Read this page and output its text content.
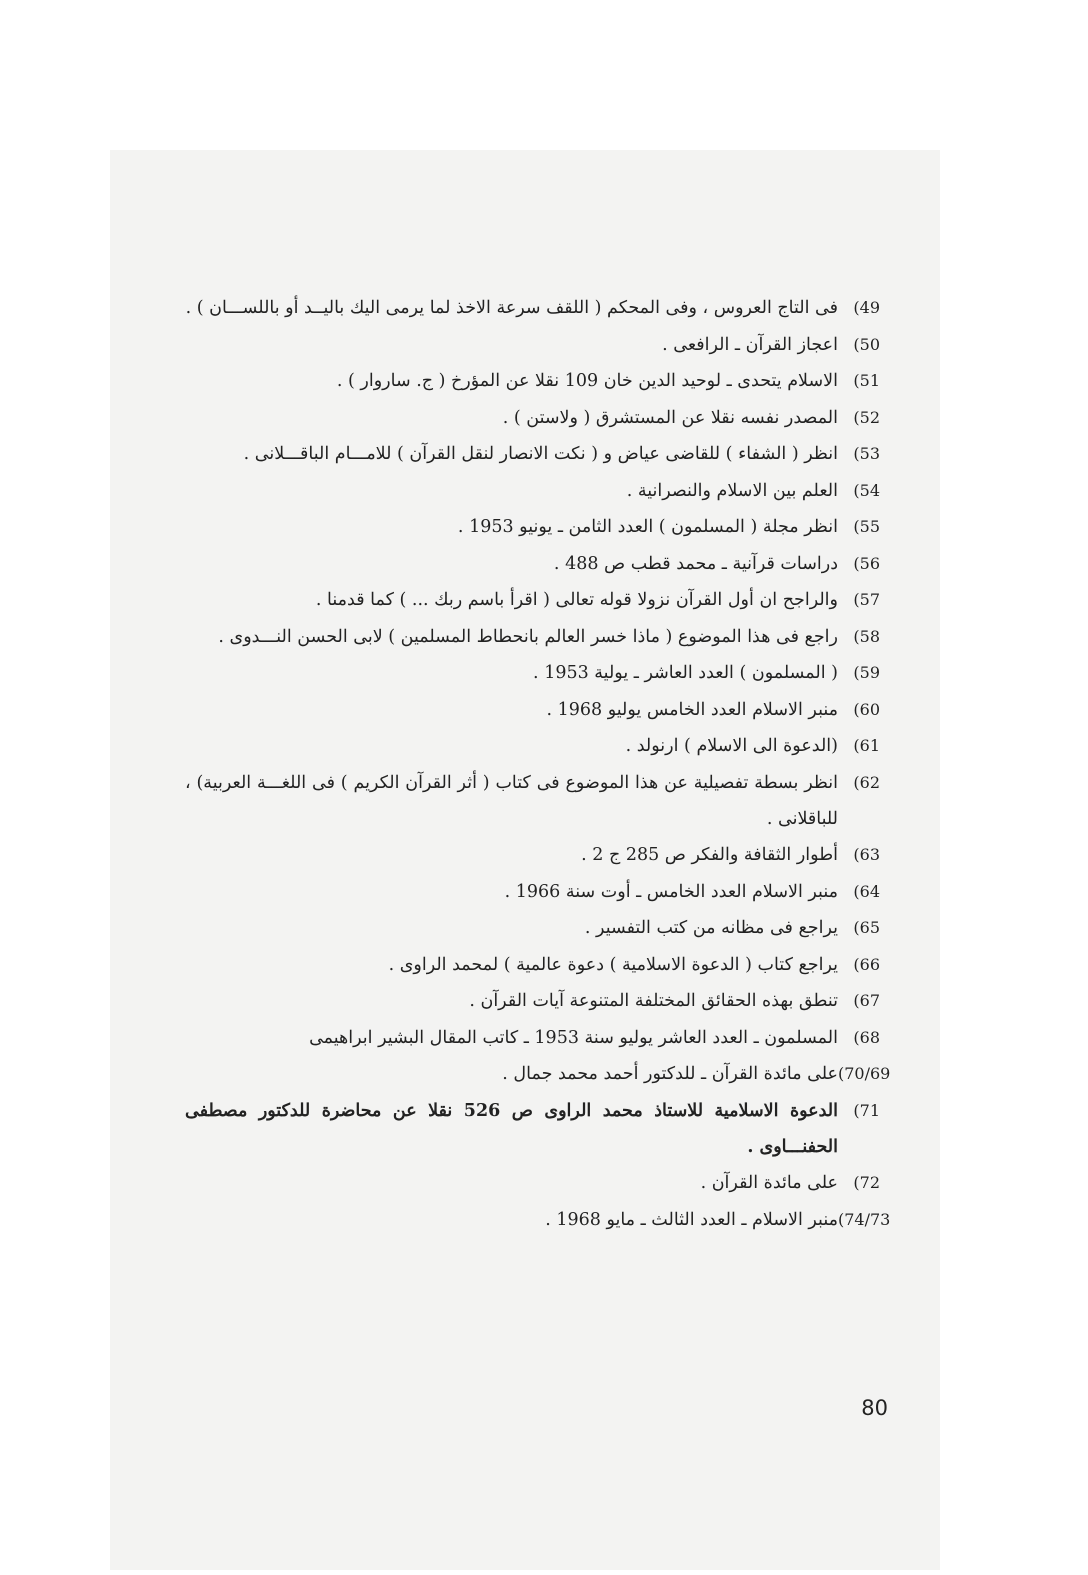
(49
فى التاج العروس ، وفى المحكم ( اللقف سرعة الاخذ لما يرمى اليك باليــد أو باللســـان ) .
(50
اعجاز القرآن ـ الرافعى .
(51
الاسلام يتحدى ـ لوحيد الدين خان 109 نقلا عن المؤرخ ( ج. ساروار ) .
(52
المصدر نفسه نقلا عن المستشرق ( ولاستن ) .
(53
انظر ( الشفاء ) للقاضى عياض و ( نكت الانصار لنقل القرآن ) للامـــام الباقـــلانى .
(54
العلم بين الاسلام والنصرانية .
(55
انظر مجلة ( المسلمون ) العدد الثامن ـ يونيو 1953 .
(56
دراسات قرآنية ـ محمد قطب ص 488 .
(57
والراجح ان أول القرآن نزولا قوله تعالى ( اقرأ باسم ربك ... ) كما قدمنا .
(58
راجع فى هذا الموضوع ( ماذا خسر العالم بانحطاط المسلمين ) لابى الحسن النـــدوى .
(59
( المسلمون ) العدد العاشر ـ يولية 1953 .
(60
منبر الاسلام العدد الخامس يوليو 1968 .
(61
(الدعوة الى الاسلام ) ارنولد .
(62
انظر بسطة تفصيلية عن هذا الموضوع فى كتاب ( أثر القرآن الكريم ) فى اللغـــة العربية) ، للباقلانى .
(63
أطوار الثقافة والفكر ص 285 ج 2 .
(64
منبر الاسلام العدد الخامس ـ أوت سنة 1966 .
(65
يراجع فى مظانه من كتب التفسير .
(66
يراجع كتاب ( الدعوة الاسلامية ) دعوة عالمية ) لمحمد الراوى .
(67
تنطق بهذه الحقائق المختلفة المتنوعة آيات القرآن .
(68
المسلمون ـ العدد العاشر يوليو سنة 1953 ـ كاتب المقال البشير ابراهيمى
(70/69
على مائدة القرآن ـ للدكتور أحمد محمد جمال .
(71
الدعوة الاسلامية للاستاذ محمد الراوى ص 526 نقلا عن محاضرة للدكتور مصطفى الحفنـــاوى .
(72
على مائدة القرآن .
(74/73
منبر الاسلام ـ العدد الثالث ـ مايو 1968 .
80
